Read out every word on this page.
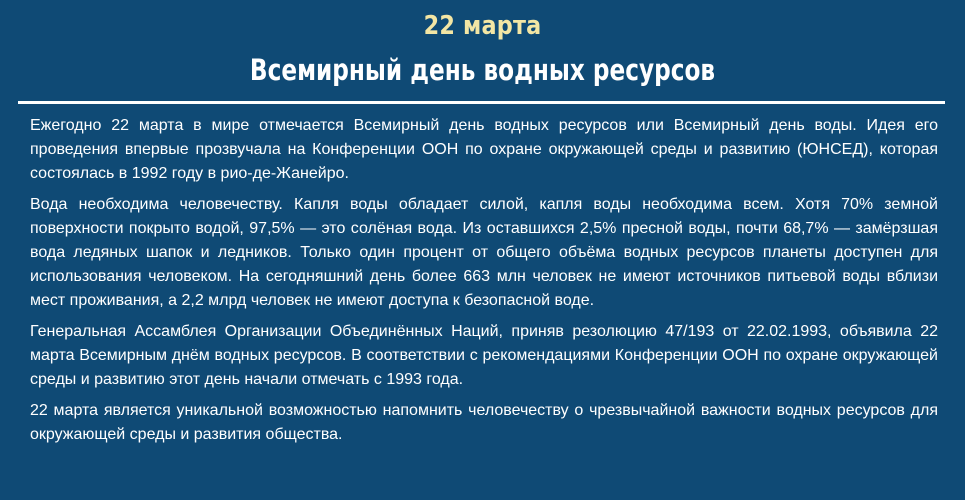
22 марта
Всемирный день водных ресурсов

Ежегодно 22 марта в мире отмечается Всемирный день водных ресурсов или Всемирный день воды. Идея его проведения впервые прозвучала на Конференции ООН по охране окружающей среды и развитию (ЮНСЕД), которая состоялась в 1992 году в рио-де-Жанейро.

Вода необходима человечеству. Капля воды обладает силой, капля воды необходима всем. Хотя 70% земной поверхности покрыто водой, 97,5% — это солёная вода. Из оставшихся 2,5% пресной воды, почти 68,7% — замёрзшая вода ледяных шапок и ледников. Только один процент от общего объёма водных ресурсов планеты доступен для использования человеком. На сегодняшний день более 663 млн человек не имеют источников питьевой воды вблизи мест проживания, а 2,2 млрд человек не имеют доступа к безопасной воде.

Генеральная Ассамблея Организации Объединённых Наций, приняв резолюцию 47/193 от 22.02.1993, объявила 22 марта Всемирным днём водных ресурсов. В соответствии с рекомендациями Конференции ООН по охране окружающей среды и развитию этот день начали отмечать с 1993 года.

22 марта является уникальной возможностью напомнить человечеству о чрезвычайной важности водных ресурсов для окружающей среды и развития общества.
